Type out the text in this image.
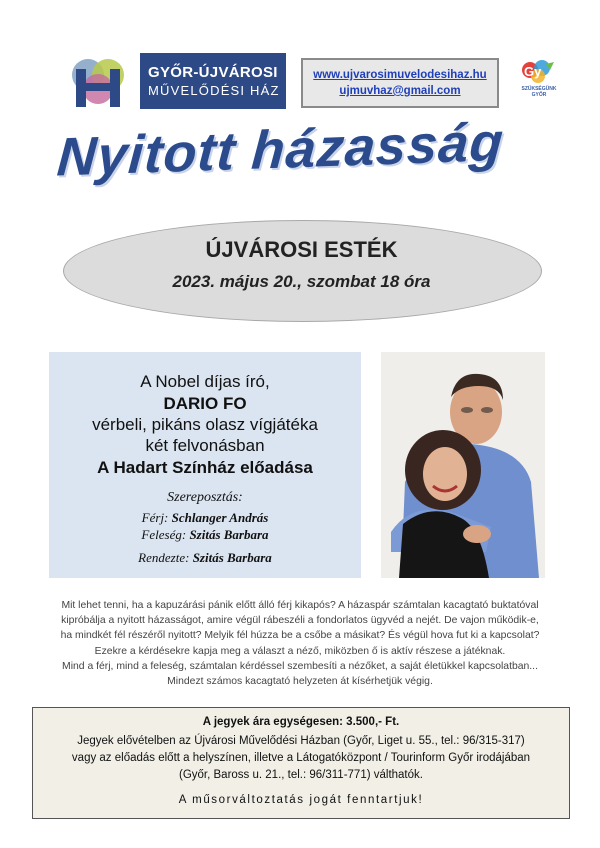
GYŐR-ÚJVÁROSI
MŰVELŐDÉSI HÁZ
www.ujvarosimuvelodesihaz.hu
ujmuvhaz@gmail.com
Gy
SZÜKSÉGÜNK GYŐR
Nyitott házasság
ÚJVÁROSI ESTÉK
2023. május 20., szombat 18 óra
A Nobel díjas író,
DARIO FO
vérbeli, pikáns olasz vígjátéka
két felvonásban
A Hadart Színház előadása
Szereposztás:
Férj: Schlanger András
Feleség: Szitás Barbara
Rendezte: Szitás Barbara
Mit lehet tenni, ha a kapuzárási pánik előtt álló férj kikapós? A házaspár számtalan kacagtató buktatóval
kipróbálja a nyitott házasságot, amire végül rábeszéli a fondorlatos ügyvéd a nejét. De vajon működik-e,
ha mindkét fél részéről nyitott? Melyik fél húzza be a csőbe a másikat? És végül hova fut ki a kapcsolat?
Ezekre a kérdésekre kapja meg a választ a néző, miközben ő is aktív részese a játéknak.
Mind a férj, mind a feleség, számtalan kérdéssel szembesíti a nézőket, a saját életükkel kapcsolatban...
Mindezt számos kacagtató helyzeten át kísérhetjük végig.
A jegyek ára egységesen: 3.500,- Ft.
Jegyek elővételben az Újvárosi Művelődési Házban (Győr, Liget u. 55., tel.: 96/315-317)
vagy az előadás előtt a helyszínen, illetve a Látogatóközpont / Tourinform Győr irodájában
(Győr, Baross u. 21., tel.: 96/311-771) válthatók.
A műsorváltoztatás jogát fenntartjuk!
